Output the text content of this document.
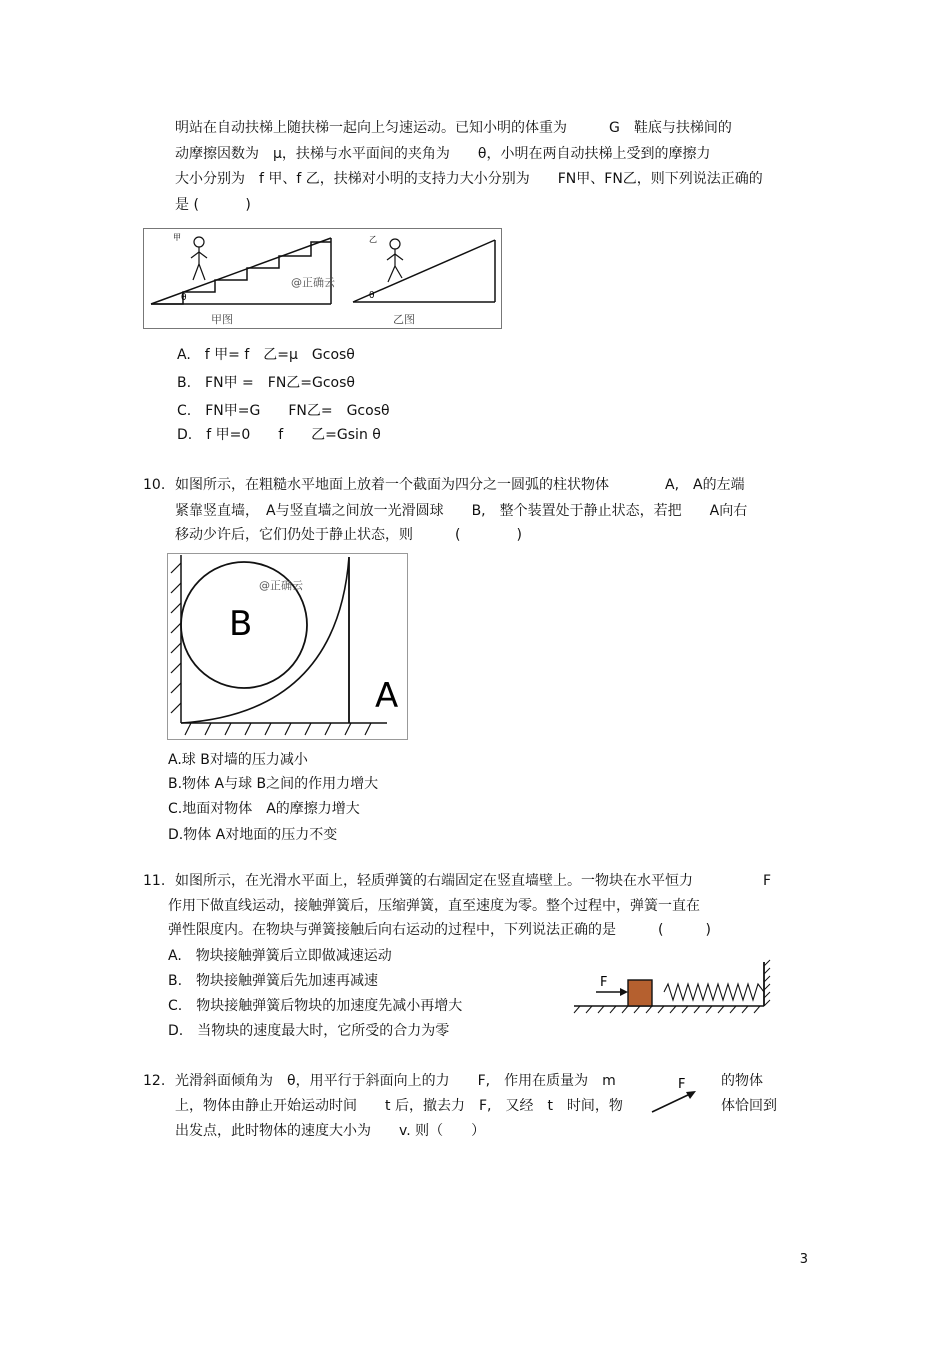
明站在自动扶梯上随扶梯一起向上匀速运动。已知小明的体重为　　　G　鞋底与扶梯间的
动摩擦因数为　μ，扶梯与水平面间的夹角为　　θ，小明在两自动扶梯上受到的摩擦力
大小分别为　f 甲、f 乙，扶梯对小明的支持力大小分别为　　FN甲、FN乙，则下列说法正确的
是 (　　　 )
θ
甲
@正确云
θ
乙
甲图	乙图
A.　f 甲= f　乙=μ　Gcosθ
B.　FN甲 =　FN乙=Gcosθ
C.　FN甲=G　　FN乙=　Gcosθ
D.　f 甲=0　　f　　乙=Gsin θ
10. 如图所示，在粗糙水平地面上放着一个截面为四分之一圆弧的柱状物体　　　　A,　A的左端
紧靠竖直墙，　A与竖直墙之间放一光滑圆球　　B,　整个装置处于静止状态，若把　　A向右
移动少许后，它们仍处于静止状态，则　　　(　　　　)
B
@正确云
A
A.球 B对墙的压力减小
B.物体 A与球 B之间的作用力增大
C.地面对物体　A的摩擦力增大
D.物体 A对地面的压力不变
11. 如图所示，在光滑水平面上，轻质弹簧的右端固定在竖直墙壁上。一物块在水平恒力　　　　　F
作用下做直线运动，接触弹簧后，压缩弹簧，直至速度为零。整个过程中，弹簧一直在
弹性限度内。在物块与弹簧接触后向右运动的过程中，下列说法正确的是　　　(　　　)
A.　物块接触弹簧后立即做减速运动
B.　物块接触弹簧后先加速再减速
C.　物块接触弹簧后物块的加速度先减小再增大
D.　当物块的速度最大时，它所受的合力为零
F
12. 光滑斜面倾角为　θ，用平行于斜面向上的力　　F,　作用在质量为　m
上，物体由静止开始运动时间　　t 后，撤去力　F,　又经　t　时间，物
出发点，此时物体的速度大小为　　v. 则（　　）
的物体
体恰回到
F
3
